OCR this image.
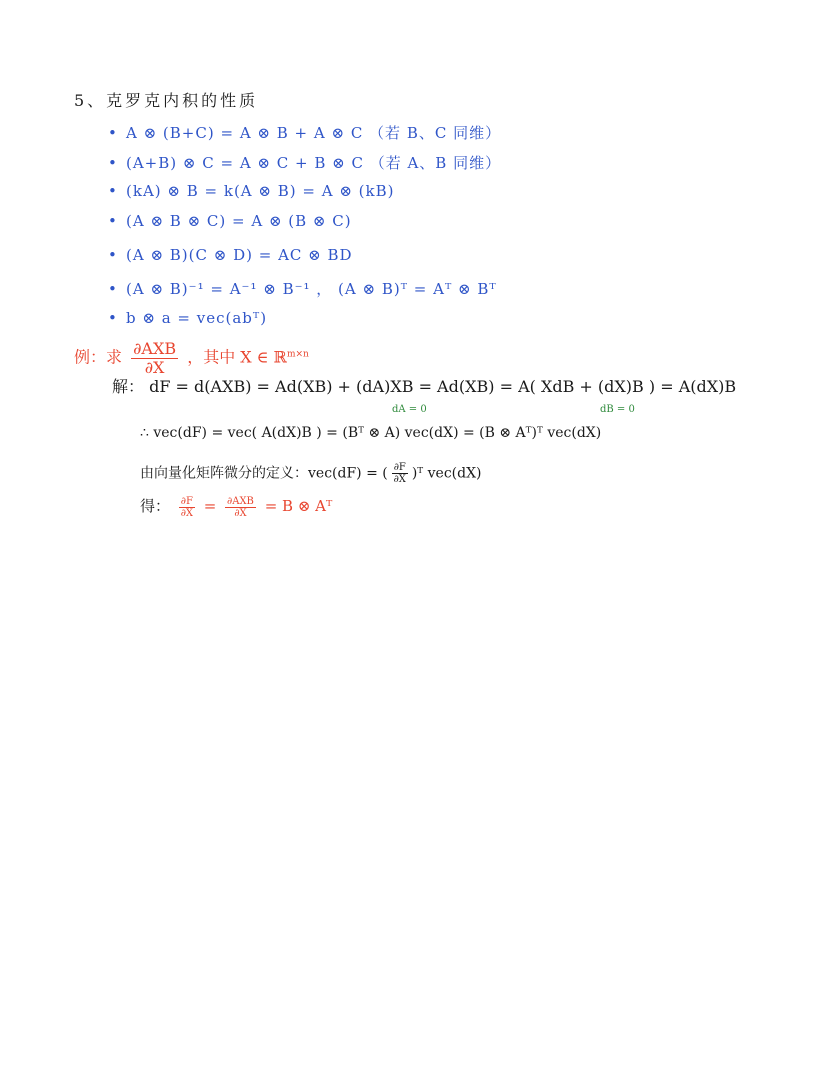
5、克罗克内积的性质
• A ⊗ (B+C) = A ⊗ B + A ⊗ C （若 B、C 同维）
• (A+B) ⊗ C = A ⊗ C + B ⊗ C （若 A、B 同维）
• (kA) ⊗ B = k(A ⊗ B) = A ⊗ (kB)
• (A ⊗ B ⊗ C) = A ⊗ (B ⊗ C)
• (A ⊗ B)(C ⊗ D) = AC ⊗ BD
• (A ⊗ B)⁻¹ = A⁻¹ ⊗ B⁻¹ ， (A ⊗ B)ᵀ = Aᵀ ⊗ Bᵀ
• b ⊗ a = vec(abᵀ)
例：求 $\frac{\text{∂AXB}}{\partial X}$ ，其中 X ∈ ℝ$^{m\times n}$
解： dF = d(AXB) = Ad(XB) + (dA)XB = Ad(XB) = A( XdB + (dX)B ) = A(dX)B
dA = 0	dB = 0
∴ vec(dF) = vec( A(dX)B ) = (Bᵀ ⊗ A) vec(dX) = (B ⊗ Aᵀ)ᵀ vec(dX)
由向量化矩阵微分的定义：vec(dF) = ( $\frac{\partial F}{\partial X}$ )ᵀ vec(dX)
得： $\frac{\partial F}{\partial X} = \frac{\text{∂AXB}}{\partial X} = B$ ⊗ Aᵀ
